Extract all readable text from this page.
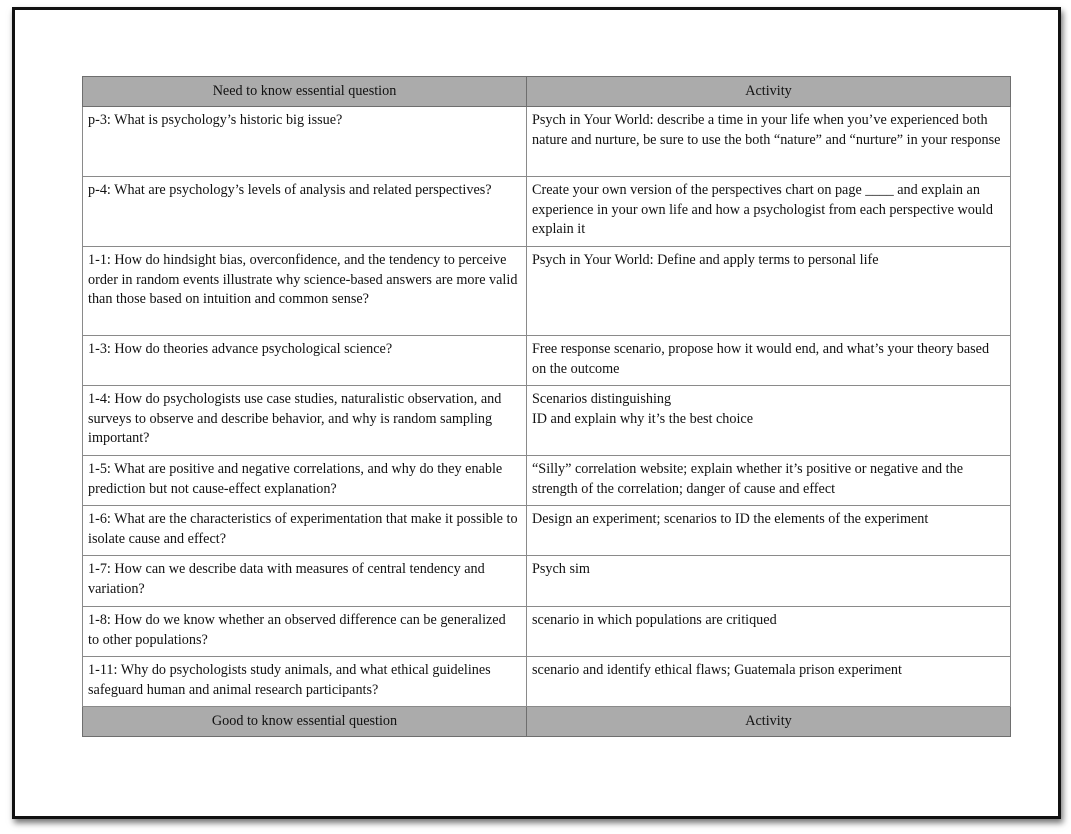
Need to know essential question	Activity
p-3: What is psychology’s historic big issue?	Psych in Your World: describe a time in your life when you’ve experienced both nature and nurture, be sure to use the both “nature” and “nurture” in your response
p-4: What are psychology’s levels of analysis and related perspectives?	Create your own version of the perspectives chart on page ____ and explain an experience in your own life and how a psychologist from each perspective would explain it
1-1: How do hindsight bias, overconfidence, and the tendency to perceive order in random events illustrate why science-based answers are more valid than those based on intuition and common sense?	Psych in Your World: Define and apply terms to personal life
1-3: How do theories advance psychological science?	Free response scenario, propose how it would end, and what’s your theory based on the outcome
1-4: How do psychologists use case studies, naturalistic observation, and surveys to observe and describe behavior, and why is random sampling important?	Scenarios distinguishing
ID and explain why it’s the best choice
1-5: What are positive and negative correlations, and why do they enable prediction but not cause-effect explanation?	“Silly” correlation website; explain whether it’s positive or negative and the strength of the correlation; danger of cause and effect
1-6: What are the characteristics of experimentation that make it possible to isolate cause and effect?	Design an experiment; scenarios to ID the elements of the experiment
1-7: How can we describe data with measures of central tendency and variation?	Psych sim
1-8: How do we know whether an observed difference can be generalized to other populations?	scenario in which populations are critiqued
1-11: Why do psychologists study animals, and what ethical guidelines safeguard human and animal research participants?	scenario and identify ethical flaws; Guatemala prison experiment
Good to know essential question	Activity
